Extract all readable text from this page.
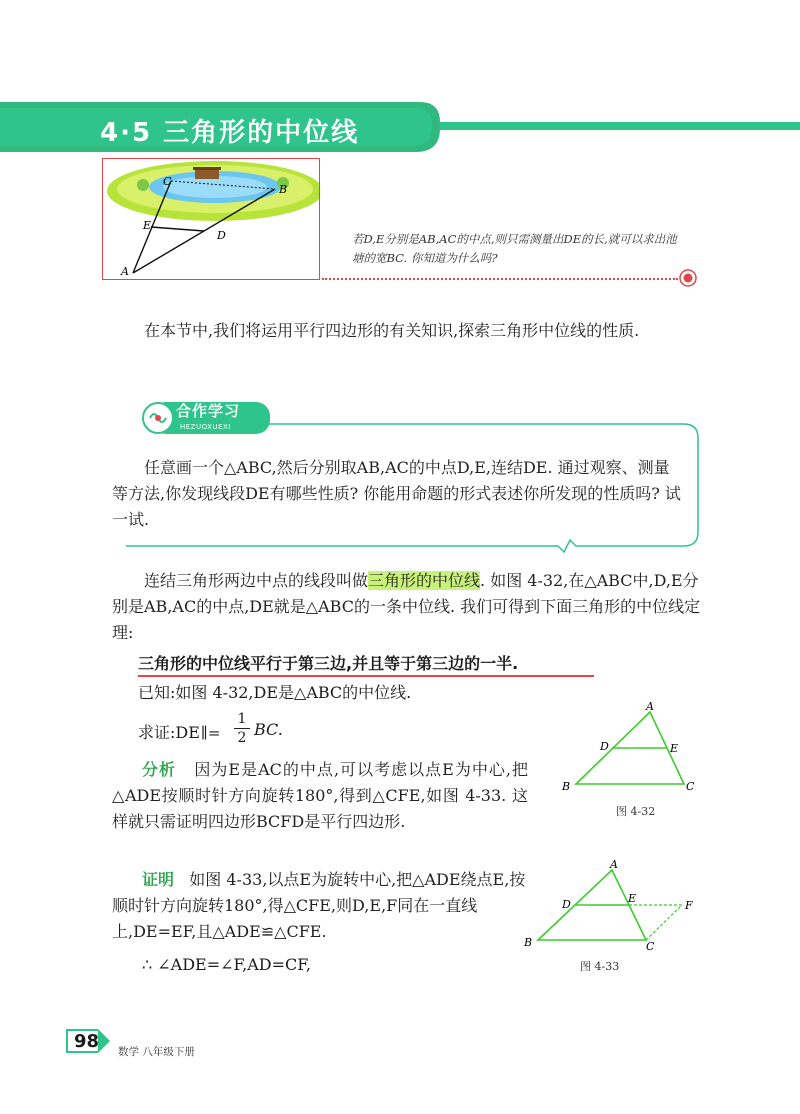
4·5 三角形的中位线
C
B
E
D
A
若D,E分别是AB,AC的中点,则只需测量出DE的长,就可以求出池塘的宽BC. 你知道为什么吗?
在本节中,我们将运用平行四边形的有关知识,探索三角形中位线的性质.
合作学习
HEZUOXUEXI
任意画一个△ABC,然后分别取AB,AC的中点D,E,连结DE. 通过观察、测量等方法,你发现线段DE有哪些性质? 你能用命题的形式表述你所发现的性质吗? 试一试.
连结三角形两边中点的线段叫做三角形的中位线. 如图 4-32,在△ABC中,D,E分别是AB,AC的中点,DE就是△ABC的一条中位线. 我们可得到下面三角形的中位线定理:
三角形的中位线平行于第三边,并且等于第三边的一半.
已知:如图 4-32,DE是△ABC的中位线.
求证:DE∥= $\frac{1}{2}$ BC.
分析 因为E是AC的中点,可以考虑以点E为中心,把△ADE按顺时针方向旋转180°,得到△CFE,如图 4-33. 这样就只需证明四边形BCFD是平行四边形.
证明 如图 4-33,以点E为旋转中心,把△ADE绕点E,按顺时针方向旋转180°,得△CFE,则D,E,F同在一直线上,DE=EF,且△ADE≌△CFE.
∴ ∠ADE=∠F,AD=CF,
A
D	E
B	C
图 4-32
A
D	E
F
B	C
图 4-33
98 数学 八年级下册
